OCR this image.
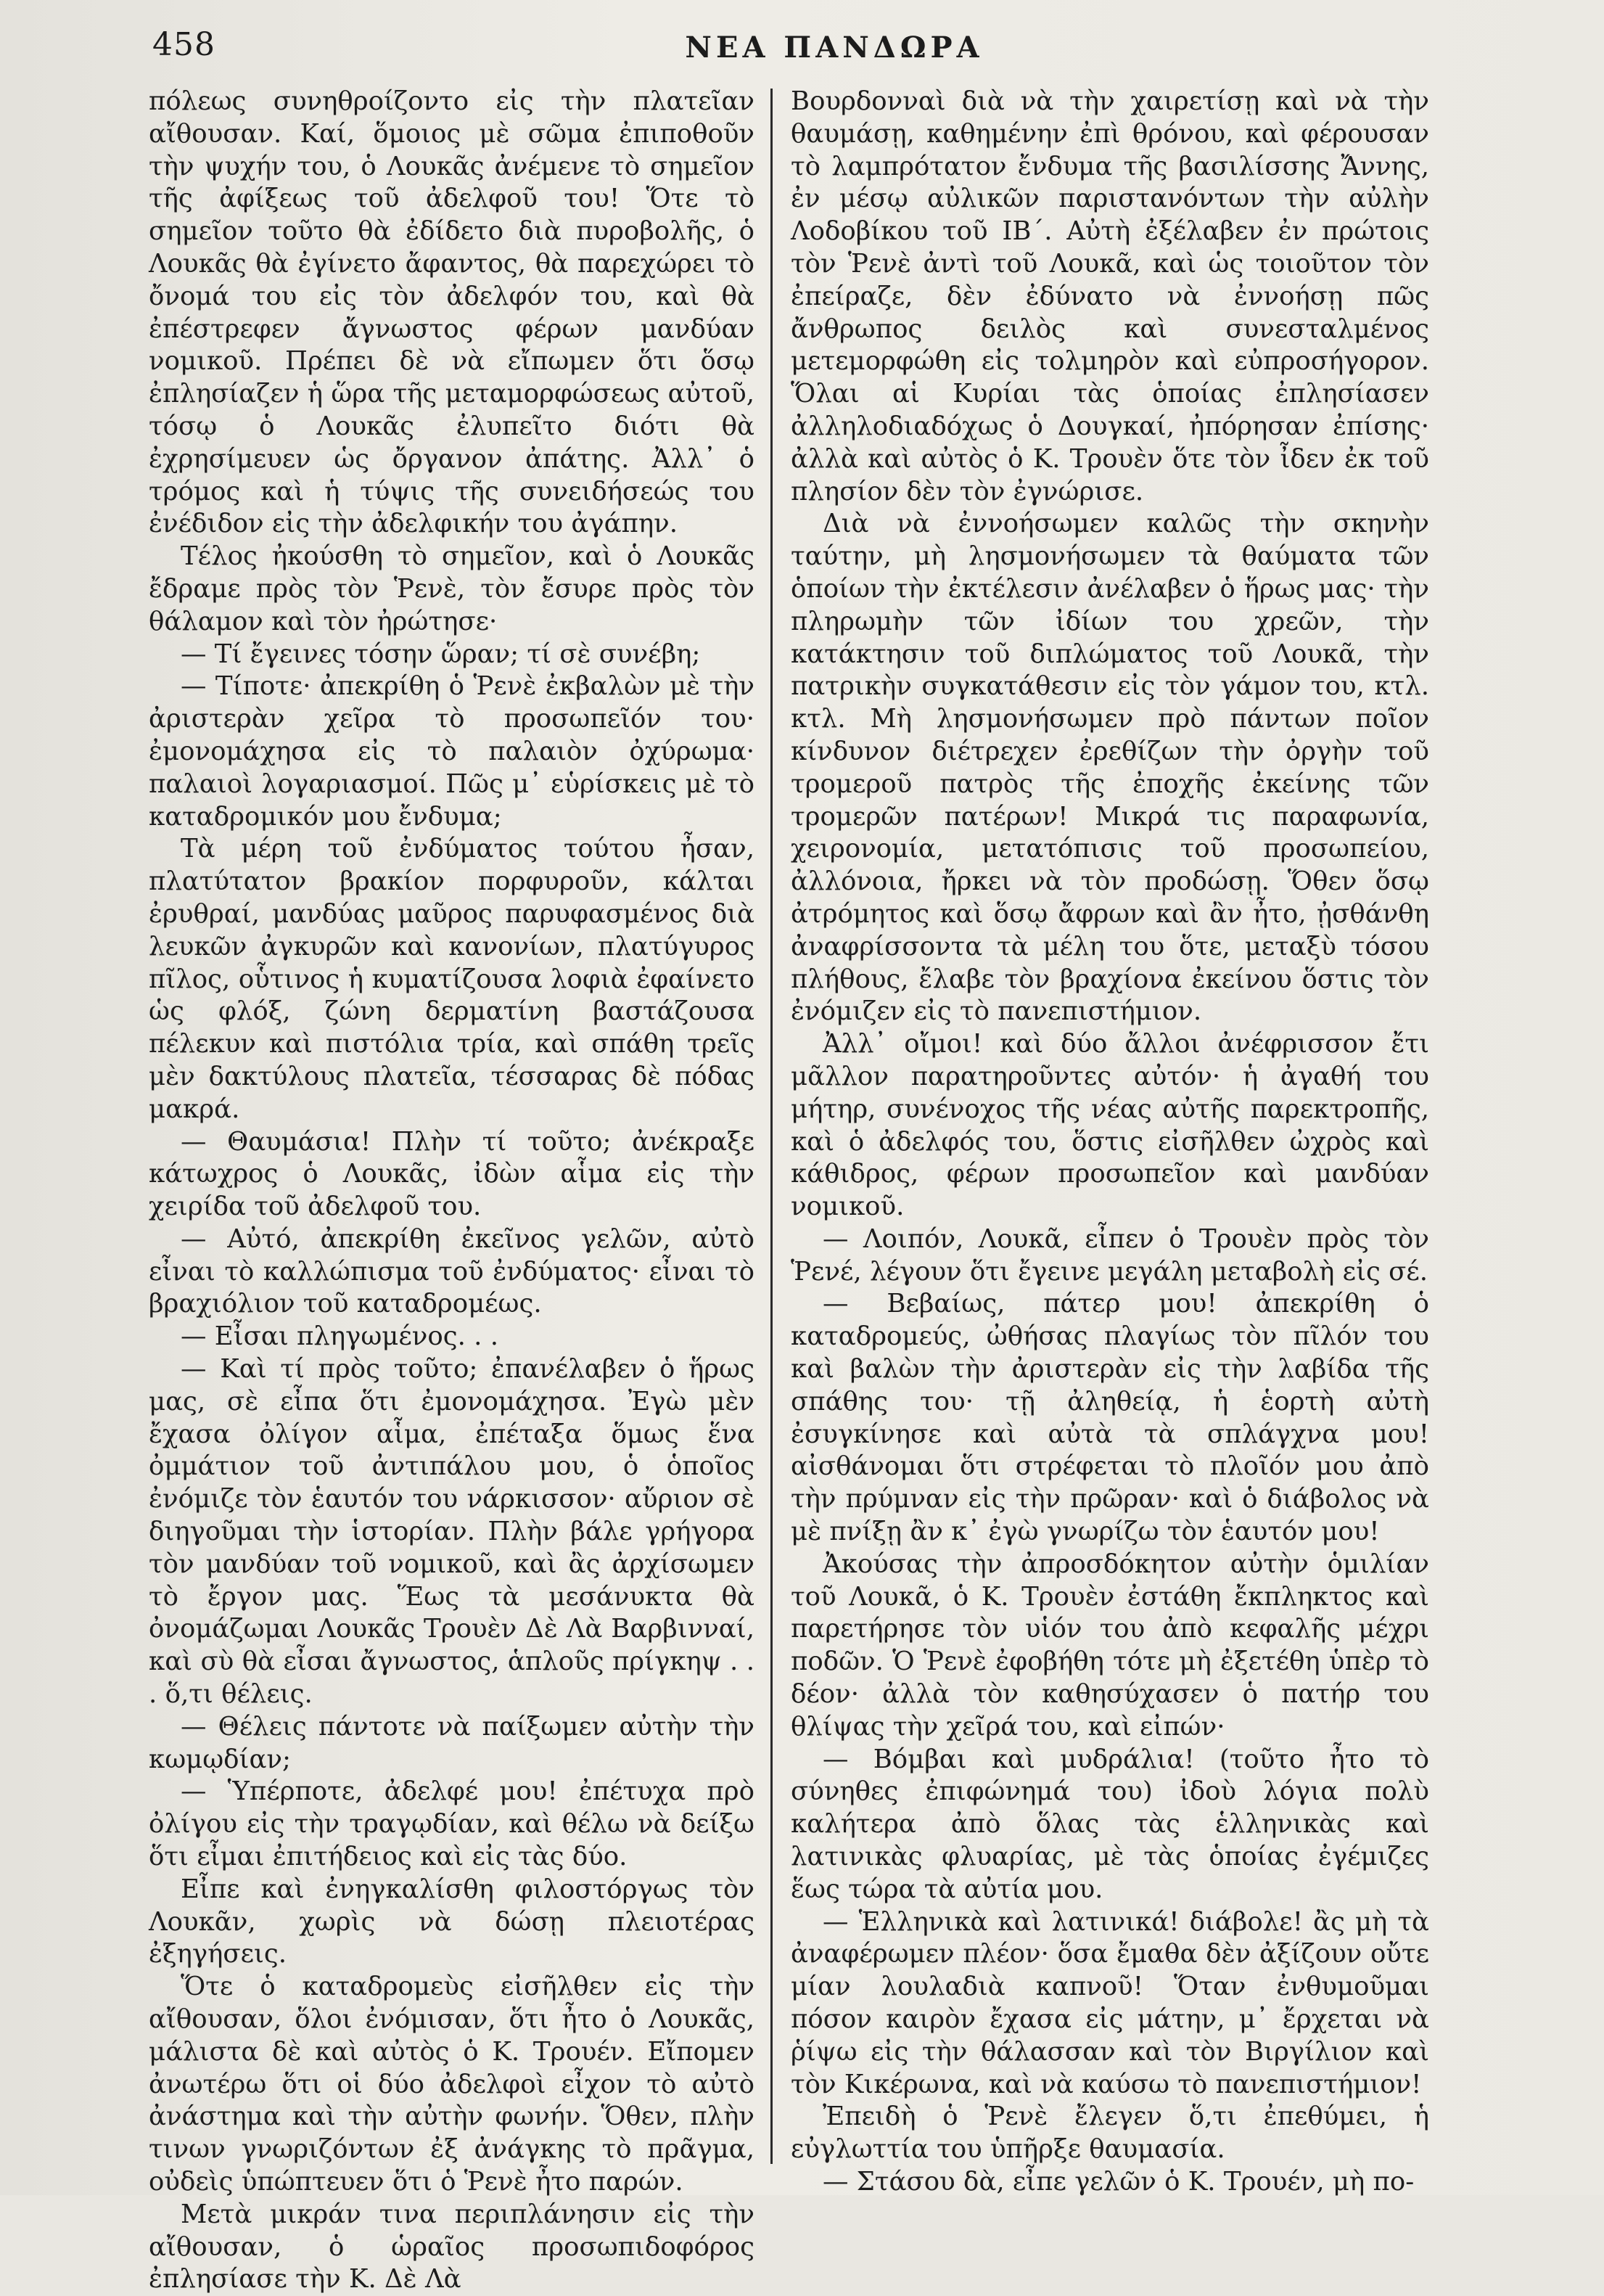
458	ΝΕΑ ΠΑΝΔΩΡΑ

πόλεως συνηθροίζοντο εἰς τὴν πλατεῖαν αἴθουσαν. Καί, ὅμοιος μὲ σῶμα ἐπιποθοῦν τὴν ψυχήν του, ὁ Λουκᾶς ἀνέμενε τὸ σημεῖον τῆς ἀφίξεως τοῦ ἀδελφοῦ του! Ὅτε τὸ σημεῖον τοῦτο θὰ ἐδίδετο διὰ πυροβολῆς, ὁ Λουκᾶς θὰ ἐγίνετο ἄφαντος, θὰ παρεχώρει τὸ ὄνομά του εἰς τὸν ἀδελφόν του, καὶ θὰ ἐπέστρεφεν ἄγνωστος φέρων μανδύαν νομικοῦ. Πρέπει δὲ νὰ εἴπωμεν ὅτι ὅσῳ ἐπλησίαζεν ἡ ὥρα τῆς μεταμορφώσεως αὐτοῦ, τόσῳ ὁ Λουκᾶς ἐλυπεῖτο διότι θὰ ἐχρησίμευεν ὡς ὄργανον ἀπάτης. Ἀλλ᾽ ὁ τρόμος καὶ ἡ τύψις τῆς συνειδήσεώς του ἐνέδιδον εἰς τὴν ἀδελφικήν του ἀγάπην.

Τέλος ἠκούσθη τὸ σημεῖον, καὶ ὁ Λουκᾶς ἔδραμε πρὸς τὸν Ῥενὲ, τὸν ἔσυρε πρὸς τὸν θάλαμον καὶ τὸν ἠρώτησε·

— Τί ἔγεινες τόσην ὥραν; τί σὲ συνέβη;

— Τίποτε· ἀπεκρίθη ὁ Ῥενὲ ἐκβαλὼν μὲ τὴν ἀριστερὰν χεῖρα τὸ προσωπεῖόν του· ἐμονομάχησα εἰς τὸ παλαιὸν ὀχύρωμα· παλαιοὶ λογαριασμοί. Πῶς μ᾽ εὑρίσκεις μὲ τὸ καταδρομικόν μου ἔνδυμα;

Τὰ μέρη τοῦ ἐνδύματος τούτου ἦσαν, πλατύτατον βρακίον πορφυροῦν, κάλται ἐρυθραί, μανδύας μαῦρος παρυφασμένος διὰ λευκῶν ἀγκυρῶν καὶ κανονίων, πλατύγυρος πῖλος, οὗτινος ἡ κυματίζουσα λοφιὰ ἐφαίνετο ὡς φλόξ, ζώνη δερματίνη βαστάζουσα πέλεκυν καὶ πιστόλια τρία, καὶ σπάθη τρεῖς μὲν δακτύλους πλατεῖα, τέσσαρας δὲ πόδας μακρά.

— Θαυμάσια! Πλὴν τί τοῦτο; ἀνέκραξε κάτωχρος ὁ Λουκᾶς, ἰδὼν αἷμα εἰς τὴν χειρίδα τοῦ ἀδελφοῦ του.

— Αὐτό, ἀπεκρίθη ἐκεῖνος γελῶν, αὐτὸ εἶναι τὸ καλλώπισμα τοῦ ἐνδύματος· εἶναι τὸ βραχιόλιον τοῦ καταδρομέως.

— Εἶσαι πληγωμένος. . .

— Καὶ τί πρὸς τοῦτο; ἐπανέλαβεν ὁ ἥρως μας, σὲ εἶπα ὅτι ἐμονομάχησα. Ἐγὼ μὲν ἔχασα ὀλίγον αἷμα, ἐπέταξα ὅμως ἕνα ὀμμάτιον τοῦ ἀντιπάλου μου, ὁ ὁποῖος ἐνόμιζε τὸν ἑαυτόν του νάρκισσον· αὔριον σὲ διηγοῦμαι τὴν ἱστορίαν. Πλὴν βάλε γρήγορα τὸν μανδύαν τοῦ νομικοῦ, καὶ ἂς ἀρχίσωμεν τὸ ἔργον μας. Ἕως τὰ μεσάνυκτα θὰ ὀνομάζωμαι Λουκᾶς Τρουὲν Δὲ Λὰ Βαρβινναί, καὶ σὺ θὰ εἶσαι ἄγνωστος, ἁπλοῦς πρίγκηψ . . . ὅ,τι θέλεις.

— Θέλεις πάντοτε νὰ παίξωμεν αὐτὴν τὴν κωμῳδίαν;

— Ὑπέρποτε, ἀδελφέ μου! ἐπέτυχα πρὸ ὀλίγου εἰς τὴν τραγῳδίαν, καὶ θέλω νὰ δείξω ὅτι εἶμαι ἐπιτήδειος καὶ εἰς τὰς δύο.

Εἶπε καὶ ἐνηγκαλίσθη φιλοστόργως τὸν Λουκᾶν, χωρὶς νὰ δώσῃ πλειοτέρας ἐξηγήσεις.

Ὅτε ὁ καταδρομεὺς εἰσῆλθεν εἰς τὴν αἴθουσαν, ὅλοι ἐνόμισαν, ὅτι ἦτο ὁ Λουκᾶς, μάλιστα δὲ καὶ αὐτὸς ὁ Κ. Τρουέν. Εἴπομεν ἀνωτέρω ὅτι οἱ δύο ἀδελφοὶ εἶχον τὸ αὐτὸ ἀνάστημα καὶ τὴν αὐτὴν φωνήν. Ὅθεν, πλὴν τινων γνωριζόντων ἐξ ἀνάγκης τὸ πρᾶγμα, οὐδεὶς ὑπώπτευεν ὅτι ὁ Ῥενὲ ἦτο παρών.

Μετὰ μικράν τινα περιπλάνησιν εἰς τὴν αἴθουσαν, ὁ ὡραῖος προσωπιδοφόρος ἐπλησίασε τὴν Κ. Δὲ Λὰ

Βουρδονναὶ διὰ νὰ τὴν χαιρετίσῃ καὶ νὰ τὴν θαυμάσῃ, καθημένην ἐπὶ θρόνου, καὶ φέρουσαν τὸ λαμπρότατον ἔνδυμα τῆς βασιλίσσης Ἄννης, ἐν μέσῳ αὐλικῶν παριστανόντων τὴν αὐλὴν Λοδοβίκου τοῦ ΙΒ΄. Αὐτὴ ἐξέλαβεν ἐν πρώτοις τὸν Ῥενὲ ἀντὶ τοῦ Λουκᾶ, καὶ ὡς τοιοῦτον τὸν ἐπείραζε, δὲν ἐδύνατο νὰ ἐννοήσῃ πῶς ἄνθρωπος δειλὸς καὶ συνεσταλμένος μετεμορφώθη εἰς τολμηρὸν καὶ εὐπροσήγορον. Ὅλαι αἱ Κυρίαι τὰς ὁποίας ἐπλησίασεν ἀλληλοδιαδόχως ὁ Δουγκαί, ἠπόρησαν ἐπίσης· ἀλλὰ καὶ αὐτὸς ὁ Κ. Τρουὲν ὅτε τὸν ἶδεν ἐκ τοῦ πλησίον δὲν τὸν ἐγνώρισε.

Διὰ νὰ ἐννοήσωμεν καλῶς τὴν σκηνὴν ταύτην, μὴ λησμονήσωμεν τὰ θαύματα τῶν ὁποίων τὴν ἐκτέλεσιν ἀνέλαβεν ὁ ἥρως μας· τὴν πληρωμὴν τῶν ἰδίων του χρεῶν, τὴν κατάκτησιν τοῦ διπλώματος τοῦ Λουκᾶ, τὴν πατρικὴν συγκατάθεσιν εἰς τὸν γάμον του, κτλ. κτλ. Μὴ λησμονήσωμεν πρὸ πάντων ποῖον κίνδυνον διέτρεχεν ἐρεθίζων τὴν ὀργὴν τοῦ τρομεροῦ πατρὸς τῆς ἐποχῆς ἐκείνης τῶν τρομερῶν πατέρων! Μικρά τις παραφωνία, χειρονομία, μετατόπισις τοῦ προσωπείου, ἀλλόνοια, ἤρκει νὰ τὸν προδώσῃ. Ὅθεν ὅσῳ ἀτρόμητος καὶ ὅσῳ ἄφρων καὶ ἂν ἦτο, ᾐσθάνθη ἀναφρίσσοντα τὰ μέλη του ὅτε, μεταξὺ τόσου πλήθους, ἔλαβε τὸν βραχίονα ἐκείνου ὅστις τὸν ἐνόμιζεν εἰς τὸ πανεπιστήμιον.

Ἀλλ᾽ οἴμοι! καὶ δύο ἄλλοι ἀνέφρισσον ἔτι μᾶλλον παρατηροῦντες αὐτόν· ἡ ἀγαθή του μήτηρ, συνένοχος τῆς νέας αὐτῆς παρεκτροπῆς, καὶ ὁ ἀδελφός του, ὅστις εἰσῆλθεν ὠχρὸς καὶ κάθιδρος, φέρων προσωπεῖον καὶ μανδύαν νομικοῦ.

— Λοιπόν, Λουκᾶ, εἶπεν ὁ Τρουὲν πρὸς τὸν Ῥενέ, λέγουν ὅτι ἔγεινε μεγάλη μεταβολὴ εἰς σέ.

— Βεβαίως, πάτερ μου! ἀπεκρίθη ὁ καταδρομεύς, ὠθήσας πλαγίως τὸν πῖλόν του καὶ βαλὼν τὴν ἀριστερὰν εἰς τὴν λαβίδα τῆς σπάθης του· τῇ ἀληθείᾳ, ἡ ἑορτὴ αὐτὴ ἐσυγκίνησε καὶ αὐτὰ τὰ σπλάγχνα μου! αἰσθάνομαι ὅτι στρέφεται τὸ πλοῖόν μου ἀπὸ τὴν πρύμναν εἰς τὴν πρῶραν· καὶ ὁ διάβολος νὰ μὲ πνίξῃ ἂν κ᾽ ἐγὼ γνωρίζω τὸν ἑαυτόν μου!

Ἀκούσας τὴν ἀπροσδόκητον αὐτὴν ὁμιλίαν τοῦ Λουκᾶ, ὁ Κ. Τρουὲν ἐστάθη ἔκπληκτος καὶ παρετήρησε τὸν υἱόν του ἀπὸ κεφαλῆς μέχρι ποδῶν. Ὁ Ῥενὲ ἐφοβήθη τότε μὴ ἐξετέθη ὑπὲρ τὸ δέον· ἀλλὰ τὸν καθησύχασεν ὁ πατήρ του θλίψας τὴν χεῖρά του, καὶ εἰπών·

— Βόμβαι καὶ μυδράλια! (τοῦτο ἦτο τὸ σύνηθες ἐπιφώνημά του) ἰδοὺ λόγια πολὺ καλήτερα ἀπὸ ὅλας τὰς ἑλληνικὰς καὶ λατινικὰς φλυαρίας, μὲ τὰς ὁποίας ἐγέμιζες ἕως τώρα τὰ αὐτία μου.

— Ἑλληνικὰ καὶ λατινικά! διάβολε! ἂς μὴ τὰ ἀναφέρωμεν πλέον· ὅσα ἔμαθα δὲν ἀξίζουν οὔτε μίαν λουλαδιὰ καπνοῦ! Ὅταν ἐνθυμοῦμαι πόσον καιρὸν ἔχασα εἰς μάτην, μ᾽ ἔρχεται νὰ ῥίψω εἰς τὴν θάλασσαν καὶ τὸν Βιργίλιον καὶ τὸν Κικέρωνα, καὶ νὰ καύσω τὸ πανεπιστήμιον!

Ἐπειδὴ ὁ Ῥενὲ ἔλεγεν ὅ,τι ἐπεθύμει, ἡ εὐγλωττία του ὑπῆρξε θαυμασία.

— Στάσου δὰ, εἶπε γελῶν ὁ Κ. Τρουέν, μὴ πο-
